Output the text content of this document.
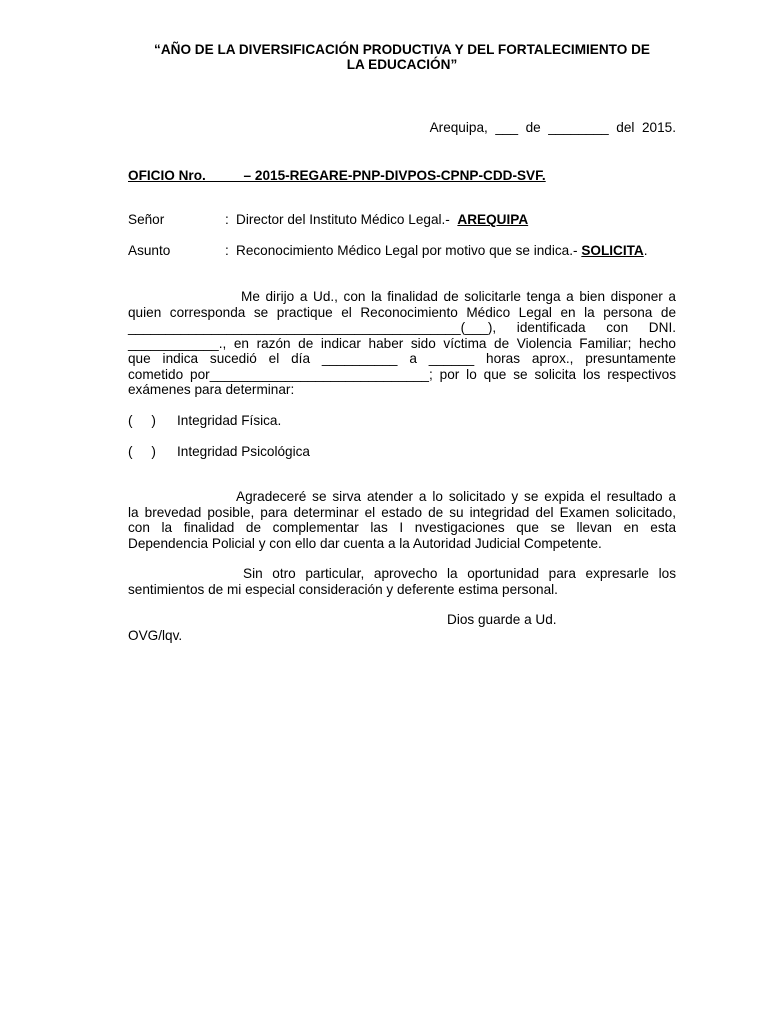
“AÑO DE LA DIVERSIFICACIÓN PRODUCTIVA Y DEL FORTALECIMIENTO DE
LA EDUCACIÓN”
Arequipa,  ___  de  ________  del  2015.
OFICIO Nro.          – 2015-REGARE-PNP-DIVPOS-CPNP-CDD-SVF.
Señor	: Director del Instituto Médico Legal.-  AREQUIPA
Asunto	: Reconocimiento Médico Legal por motivo que se indica.- SOLICITA.
Me dirijo a Ud., con la finalidad de solicitarle tenga a bien disponer a
quien corresponda se practique el Reconocimiento Médico Legal en la persona de
____________________________________________(___), identificada con DNI.
____________., en razón de indicar haber sido víctima de Violencia Familiar; hecho
que indica sucedió el día __________ a ______ horas aprox., presuntamente
cometido por_____________________________; por lo que se solicita los respectivos
exámenes para determinar:
(     ) Integridad Física.
(     ) Integridad Psicológica
Agradeceré se sirva atender a lo solicitado y se expida el resultado a
la brevedad posible, para determinar el estado de su integridad del Examen solicitado,
con la finalidad de complementar las I nvestigaciones que se llevan en esta
Dependencia Policial y con ello dar cuenta a la Autoridad Judicial Competente.
Sin otro particular, aprovecho la oportunidad para expresarle los
sentimientos de mi especial consideración y deferente estima personal.
Dios guarde a Ud.
OVG/lqv.
